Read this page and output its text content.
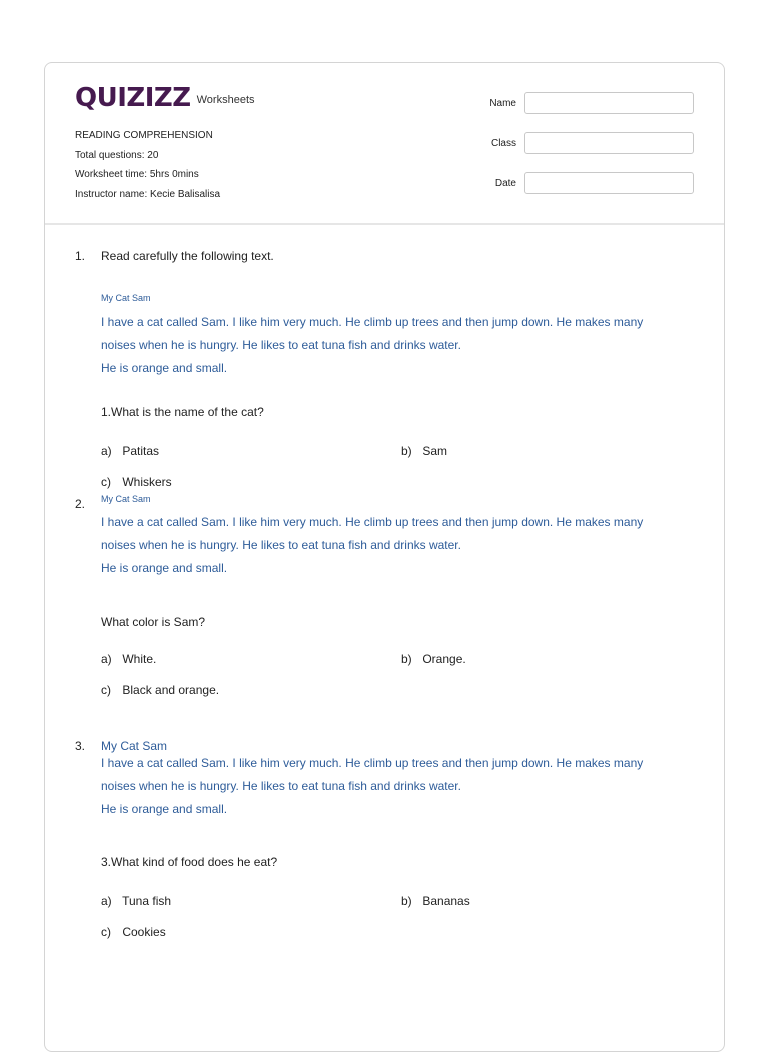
QUIZIZZ Worksheets
READING COMPREHENSION
Total questions: 20
Worksheet time: 5hrs 0mins
Instructor name: Kecie Balisalisa
Name
Class
Date
1. Read carefully the following text.
My Cat Sam
I have a cat called Sam. I like him very much. He climb up trees and then jump down. He makes many
noises when he is hungry. He likes to eat tuna fish and drinks water.
He is orange and small.
1.What is the name of the cat?
a) Patitas	b) Sam
c) Whiskers
2. My Cat Sam
I have a cat called Sam. I like him very much. He climb up trees and then jump down. He makes many
noises when he is hungry. He likes to eat tuna fish and drinks water.
He is orange and small.
What color is Sam?
a) White.	b) Orange.
c) Black and orange.
3. My Cat Sam
I have a cat called Sam. I like him very much. He climb up trees and then jump down. He makes many
noises when he is hungry. He likes to eat tuna fish and drinks water.
He is orange and small.
3.What kind of food does he eat?
a) Tuna fish	b) Bananas
c) Cookies
